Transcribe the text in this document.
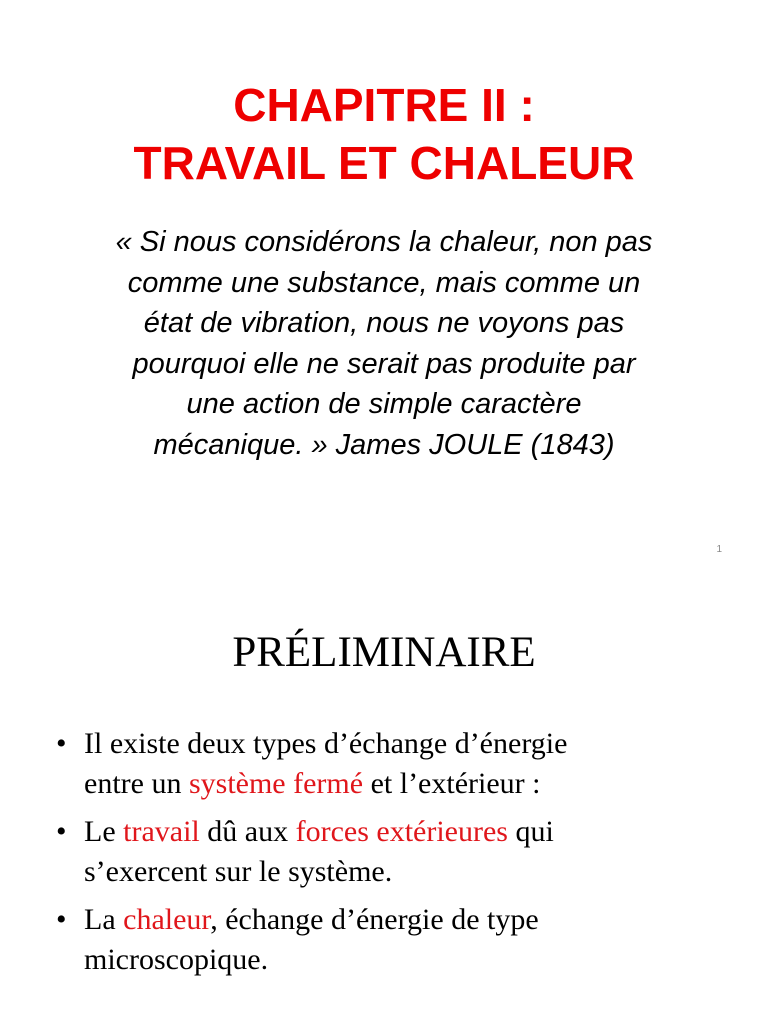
CHAPITRE II :
TRAVAIL ET CHALEUR
« Si nous considérons la chaleur, non pas
comme une substance, mais comme un
état de vibration, nous ne voyons pas
pourquoi elle ne serait pas produite par
une action de simple caractère
mécanique. » James JOULE (1843)
1
PRÉLIMINAIRE
• Il existe deux types d’échange d’énergie
entre un système fermé et l’extérieur :
• Le travail dû aux forces extérieures qui
s’exercent sur le système.
• La chaleur, échange d’énergie de type
microscopique.
